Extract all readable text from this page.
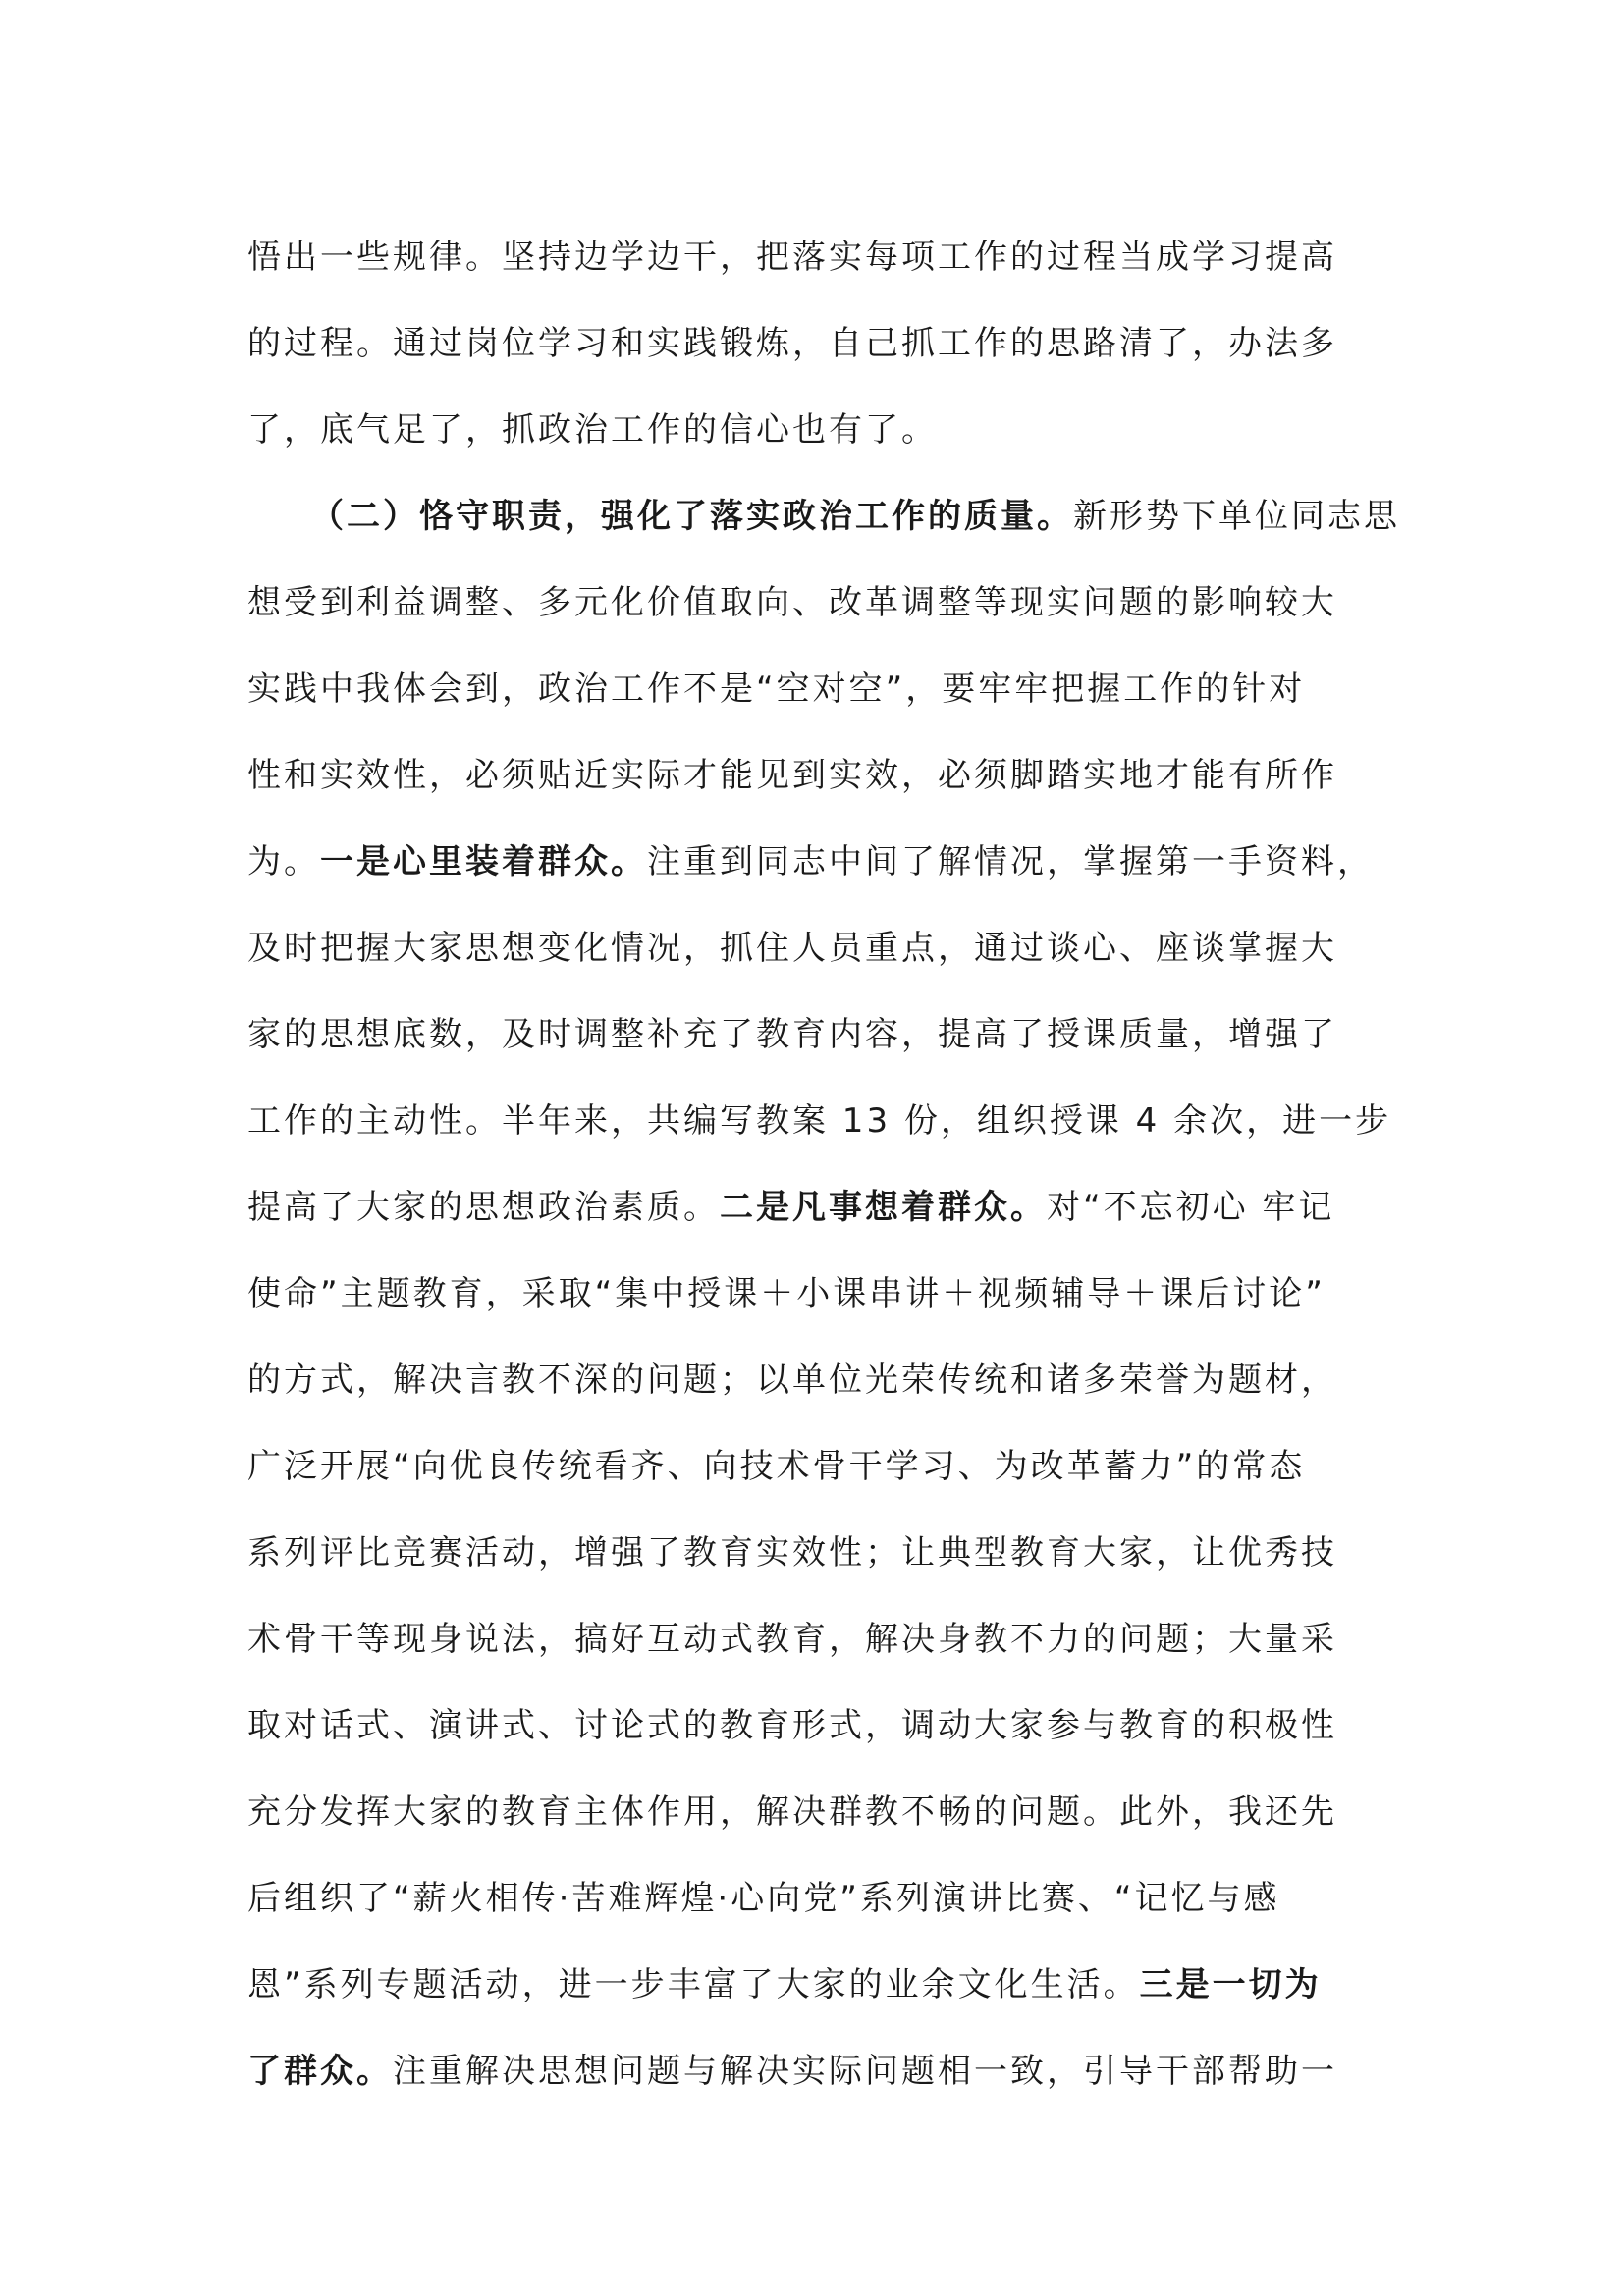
悟出一些规律。坚持边学边干，把落实每项工作的过程当成学习提高
的过程。通过岗位学习和实践锻炼，自己抓工作的思路清了，办法多
了，底气足了，抓政治工作的信心也有了。
（二）恪守职责，强化了落实政治工作的质量。新形势下单位同志思
想受到利益调整、多元化价值取向、改革调整等现实问题的影响较大
实践中我体会到，政治工作不是“空对空”，要牢牢把握工作的针对
性和实效性，必须贴近实际才能见到实效，必须脚踏实地才能有所作
为。一是心里装着群众。注重到同志中间了解情况，掌握第一手资料，
及时把握大家思想变化情况，抓住人员重点，通过谈心、座谈掌握大
家的思想底数，及时调整补充了教育内容，提高了授课质量，增强了
工作的主动性。半年来，共编写教案 13 份，组织授课 4 余次，进一步
提高了大家的思想政治素质。二是凡事想着群众。对“不忘初心 牢记
使命”主题教育，采取“集中授课＋小课串讲＋视频辅导＋课后讨论”
的方式，解决言教不深的问题；以单位光荣传统和诸多荣誉为题材，
广泛开展“向优良传统看齐、向技术骨干学习、为改革蓄力”的常态
系列评比竞赛活动，增强了教育实效性；让典型教育大家，让优秀技
术骨干等现身说法，搞好互动式教育，解决身教不力的问题；大量采
取对话式、演讲式、讨论式的教育形式，调动大家参与教育的积极性
充分发挥大家的教育主体作用，解决群教不畅的问题。此外，我还先
后组织了“薪火相传·苦难辉煌·心向党”系列演讲比赛、“记忆与感
恩”系列专题活动，进一步丰富了大家的业余文化生活。三是一切为
了群众。注重解决思想问题与解决实际问题相一致，引导干部帮助一
